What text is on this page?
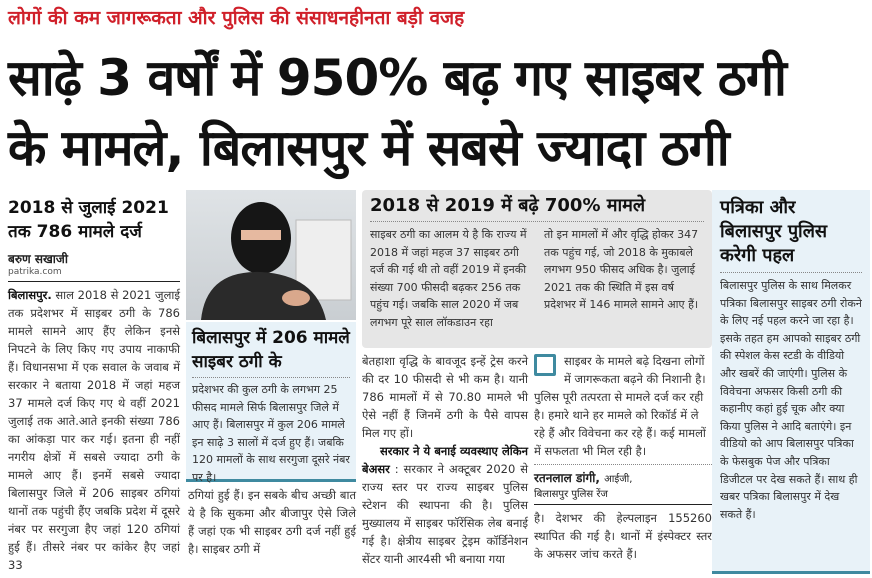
लोगों की कम जागरूकता और पुलिस की संसाधनहीनता बड़ी वजह
साढ़े 3 वर्षों में 950% बढ़ गए साइबर ठगी
के मामले, बिलासपुर में सबसे ज्यादा ठगी
2018 से जुलाई 2021 तक 786 मामले दर्ज
बरुण सखाजी
patrika.com

बिलासपुर. साल 2018 से 2021 जुलाई तक प्रदेशभर में साइबर ठगी के 786 मामले सामने आए हैंए लेकिन इनसे निपटने के लिए किए गए उपाय नाकाफी हैं। विधानसभा में एक सवाल के जवाब में सरकार ने बताया 2018 में जहां महज 37 मामले दर्ज किए गए थे वहीं 2021 जुलाई तक आते.आते इनकी संख्या 786 का आंकड़ा पार कर गई। इतना ही नहीं नगरीय क्षेत्रों में सबसे ज्यादा ठगी के मामले आए हैं। इनमें सबसे ज्यादा बिलासपुर जिले में 206 साइबर ठगियां थानों तक पहुंची हैंए जबकि प्रदेश में दूसरे नंबर पर सरगुजा हैए जहां 120 ठगियां हुई हैं। तीसरे नंबर पर कांकेर हैए जहां 33

बिलासपुर में 206 मामले साइबर ठगी के

प्रदेशभर की कुल ठगी के लगभग 25 फीसद मामले सिर्फ बिलासपुर जिले में आए हैं। बिलासपुर में कुल 206 मामले इन साढ़े 3 सालों में दर्ज हुए हैं। जबकि 120 मामलों के साथ सरगुजा दूसरे नंबर पर है।

ठगियां हुई हैं। इन सबके बीच अच्छी बात ये है कि सुकमा और बीजापुर ऐसे जिले हैं जहां एक भी साइबर ठगी दर्ज नहीं हुई है। साइबर ठगी में

2018 से 2019 में बढ़े 700% मामले

साइबर ठगी का आलम ये है कि राज्य में 2018 में जहां महज 37 साइबर ठगी दर्ज की गई थी तो वहीं 2019 में इनकी संख्या 700 फीसदी बढ़कर 256 तक पहुंच गई। जबकि साल 2020 में जब लगभग पूरे साल लॉकडाउन रहा

तो इन मामलों में और वृद्धि होकर 347 तक पहुंच गई, जो 2018 के मुकाबले लगभग 950 फीसद अधिक है। जुलाई 2021 तक की स्थिति में इस वर्ष प्रदेशभर में 146 मामले सामने आए हैं।

बेतहाशा वृद्धि के बावजूद इन्हें ट्रेस करने की दर 10 फीसदी से भी कम है। यानी 786 मामलों में से 70.80 मामले भी ऐसे नहीं हैं जिनमें ठगी के पैसे वापस मिल गए हों।

सरकार ने ये बनाई व्यवस्थाए लेकिन बेअसर : सरकार ने अक्टूबर 2020 से राज्य स्तर पर राज्य साइबर पुलिस स्टेशन की स्थापना की है। पुलिस मुख्यालय में साइबर फॉरेंसिक लेब बनाई गई है। क्षेत्रीय साइबर ट्रेइम कॉर्डिनेशन सेंटर यानी आर4सी भी बनाया गया

साइबर के मामले बढ़े दिखना लोगों में जागरूकता बढ़ने की निशानी है। पुलिस पूरी तत्परता से मामले दर्ज कर रही है। हमारे थाने हर मामले को रिकॉर्ड में ले रहे हैं और विवेचना कर रहे हैं। कई मामलों में सफलता भी मिल रही है।

रतनलाल डांगी, आईजी,
बिलासपुर पुलिस रेंज

है। देशभर की हेल्पलाइन 155260 स्थापित की गई है। थानों में इंस्पेक्टर स्तर के अफसर जांच करते हैं।

पत्रिका और बिलासपुर पुलिस करेगी पहल

बिलासपुर पुलिस के साथ मिलकर पत्रिका बिलासपुर साइबर ठगी रोकने के लिए नई पहल करने जा रहा है। इसके तहत हम आपको साइबर ठगी की स्पेशल केस स्टडी के वीडियो और खबरें की जाएंगी। पुलिस के विवेचना अफसर किसी ठगी की कहानीए कहां हुई चूक और क्या किया पुलिस ने आदि बताएंगे। इन वीडियो को आप बिलासपुर पत्रिका के फेसबुक पेज और पत्रिका डिजीटल पर देख सकते हैं। साथ ही खबर पत्रिका बिलासपुर में देख सकते हैं।
